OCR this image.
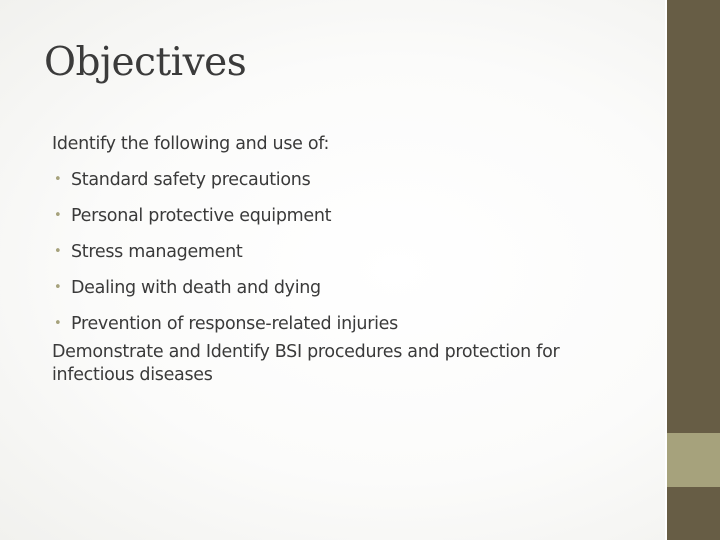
Objectives

Identify the following and use of:

• Standard safety precautions
• Personal protective equipment
• Stress management
• Dealing with death and dying
• Prevention of response-related injuries

Demonstrate and Identify BSI procedures and protection for infectious diseases
